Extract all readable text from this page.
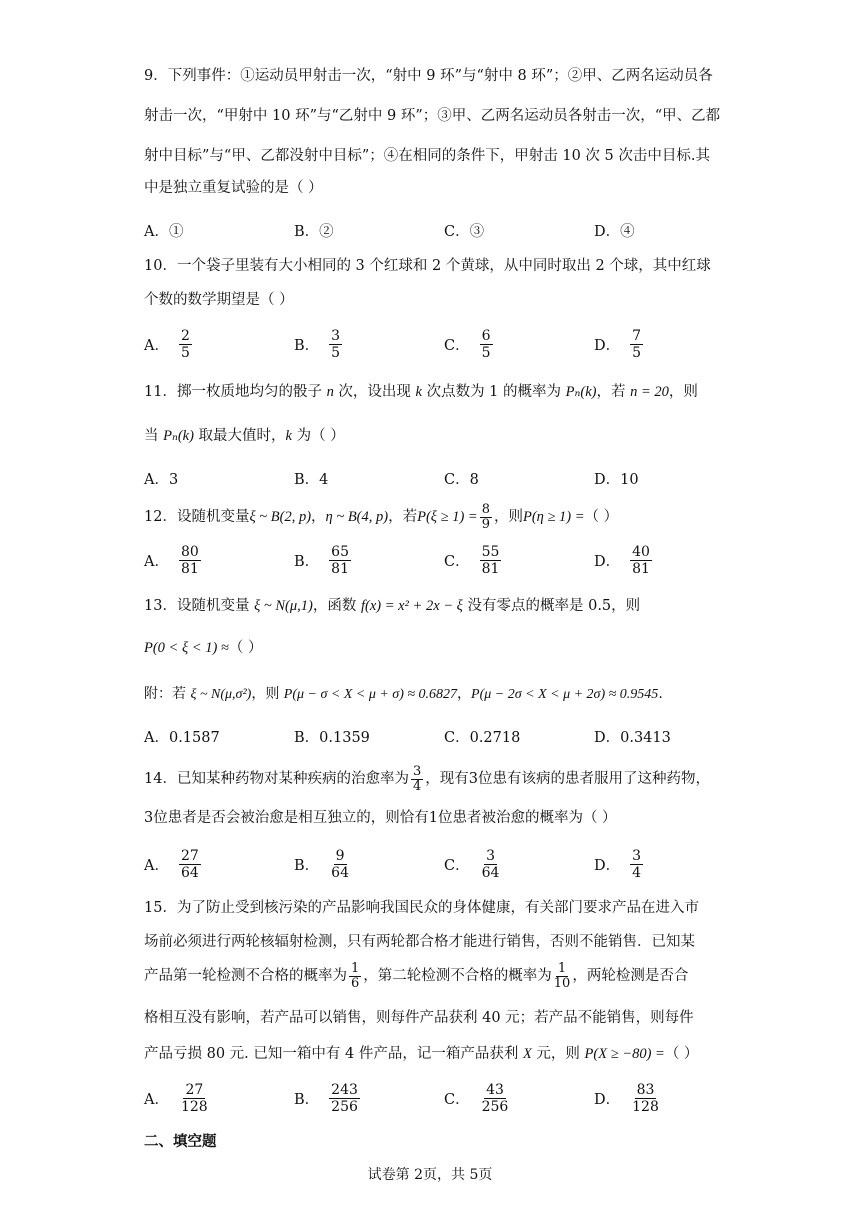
9．下列事件：①运动员甲射击一次，“射中 9 环”与“射中 8 环”；②甲、乙两名运动员各
射击一次，“甲射中 10 环”与“乙射中 9 环”；③甲、乙两名运动员各射击一次，“甲、乙都
射中目标”与“甲、乙都没射中目标”；④在相同的条件下，甲射击 10 次 5 次击中目标.其
中是独立重复试验的是（ ）
A．①	B．②	C．③	D．④
10．一个袋子里装有大小相同的 3 个红球和 2 个黄球，从中同时取出 2 个球，其中红球
个数的数学期望是（ ）
A． $\frac{2}{5}$	B． $\frac{3}{5}$	C． $\frac{6}{5}$	D． $\frac{7}{5}$
11．掷一枚质地均匀的骰子 n 次，设出现 k 次点数为 1 的概率为 Pₙ(k)，若 n = 20，则
当 Pₙ(k) 取最大值时，k 为（ ）
A．3	B．4	C．8	D．10
12．设随机变量 ξ ~ B(2, p) ， η ~ B(4, p) ，若 $P(\xi \ge 1) = \frac{8}{9}$ ，则 P(η ≥ 1) = （ ）
A． $\frac{80}{81}$	B． $\frac{65}{81}$	C． $\frac{55}{81}$	D． $\frac{40}{81}$
13．设随机变量 ξ ~ N(μ,1)，函数 f(x) = x² + 2x − ξ 没有零点的概率是 0.5，则
P(0 < ξ < 1) ≈（ ）
附：若 ξ ~ N(μ,σ²)，则 P(μ − σ < X < μ + σ) ≈ 0.6827，P(μ − 2σ < X < μ + 2σ) ≈ 0.9545.
A．0.1587	B．0.1359	C．0.2718	D．0.3413
14．已知某种药物对某种疾病的治愈率为 $\frac{3}{4}$ ，现有3位患有该病的患者服用了这种药物，
3位患者是否会被治愈是相互独立的，则恰有1位患者被治愈的概率为（ ）
A． $\frac{27}{64}$	B． $\frac{9}{64}$	C． $\frac{3}{64}$	D． $\frac{3}{4}$
15．为了防止受到核污染的产品影响我国民众的身体健康，有关部门要求产品在进入市
场前必须进行两轮核辐射检测，只有两轮都合格才能进行销售，否则不能销售．已知某
产品第一轮检测不合格的概率为 $\frac{1}{6}$ ，第二轮检测不合格的概率为 $\frac{1}{10}$ ，两轮检测是否合
格相互没有影响，若产品可以销售，则每件产品获利 40 元；若产品不能销售，则每件
产品亏损 80 元. 已知一箱中有 4 件产品，记一箱产品获利 X 元，则 P(X ≥ −80) =（ ）
A． $\frac{27}{128}$	B． $\frac{243}{256}$	C． $\frac{43}{256}$	D． $\frac{83}{128}$
二、填空题
试卷第 2页，共 5页
